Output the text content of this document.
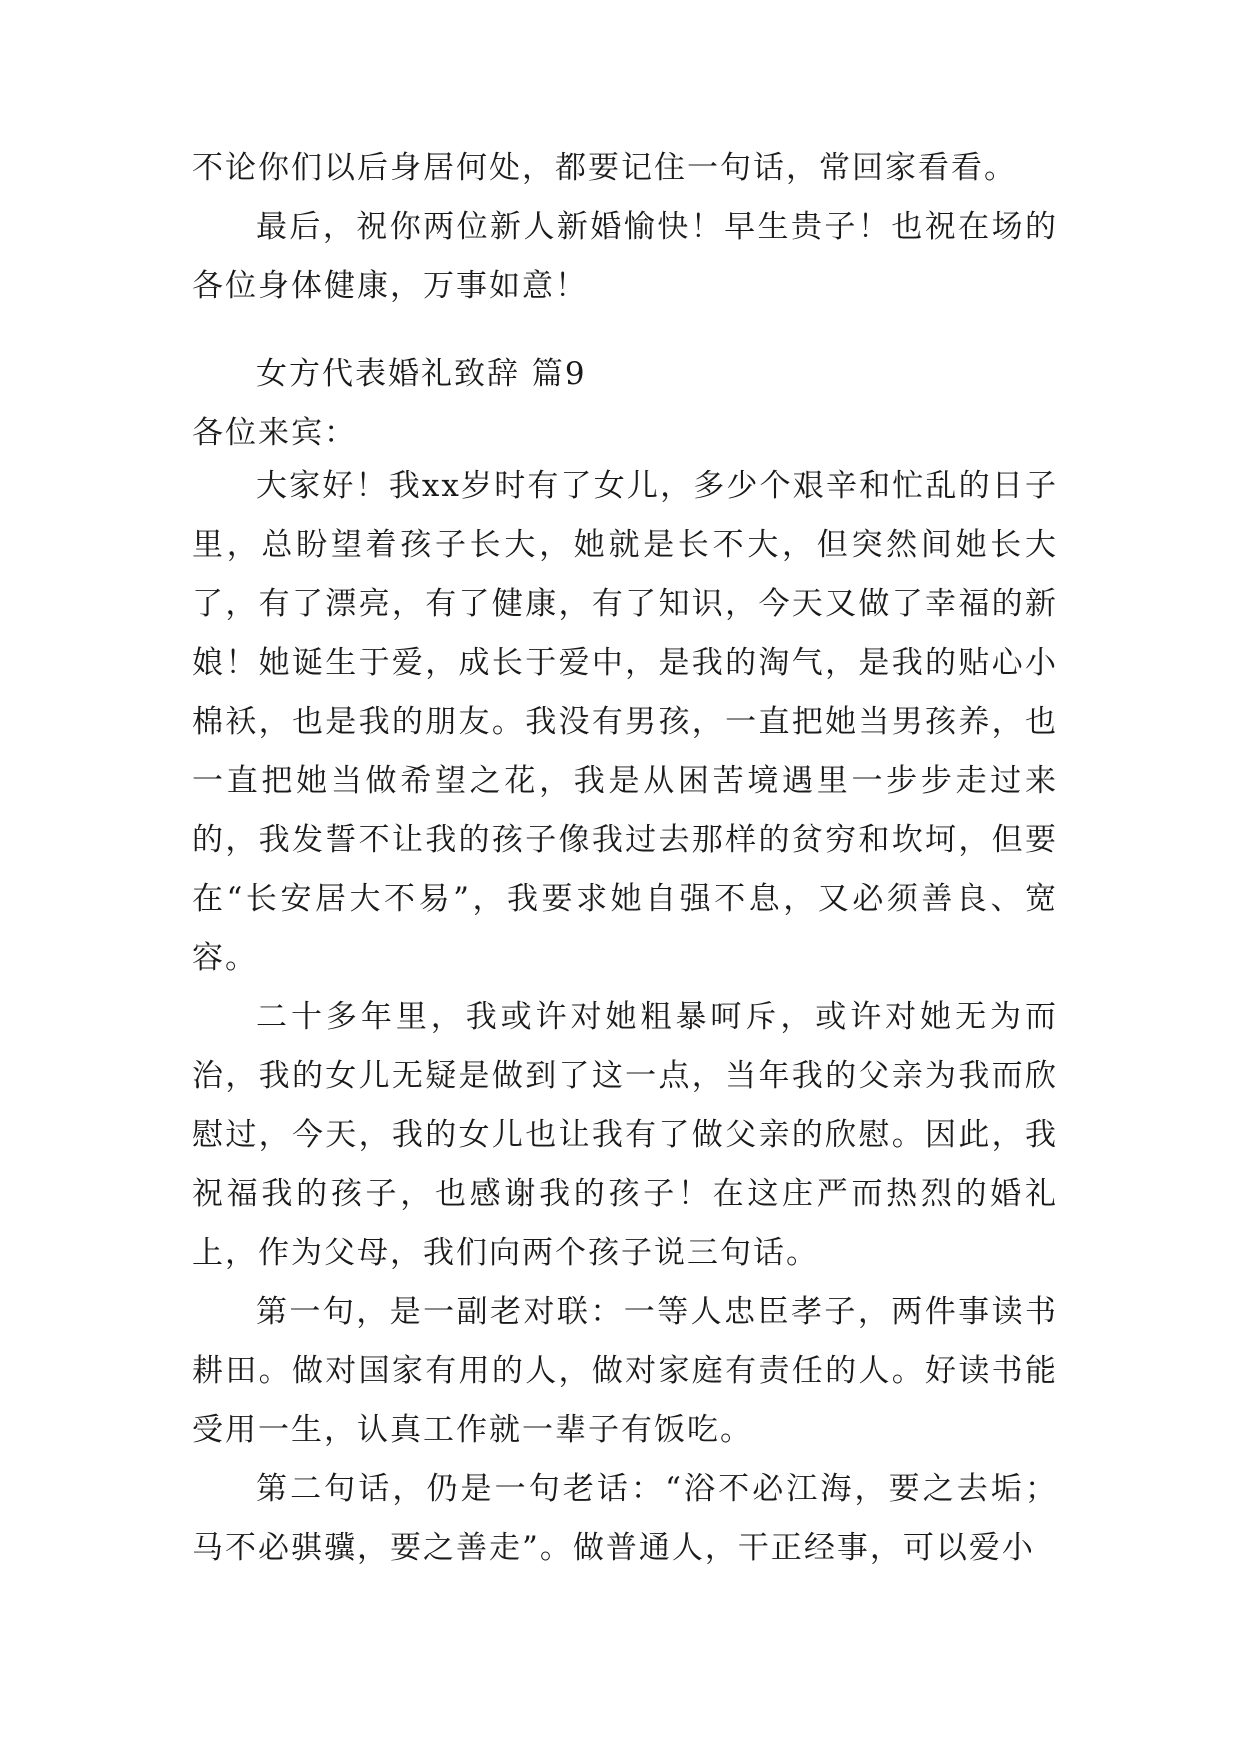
不论你们以后身居何处，都要记住一句话，常回家看看。

最后，祝你两位新人新婚愉快！早生贵子！也祝在场的各位身体健康，万事如意！

女方代表婚礼致辞 篇9

各位来宾：

大家好！我xx岁时有了女儿，多少个艰辛和忙乱的日子里，总盼望着孩子长大，她就是长不大，但突然间她长大了，有了漂亮，有了健康，有了知识，今天又做了幸福的新娘！她诞生于爱，成长于爱中，是我的淘气，是我的贴心小棉袄，也是我的朋友。我没有男孩，一直把她当男孩养，也一直把她当做希望之花，我是从困苦境遇里一步步走过来的，我发誓不让我的孩子像我过去那样的贫穷和坎坷，但要在“长安居大不易”，我要求她自强不息，又必须善良、宽容。

二十多年里，我或许对她粗暴呵斥，或许对她无为而治，我的女儿无疑是做到了这一点，当年我的父亲为我而欣慰过，今天，我的女儿也让我有了做父亲的欣慰。因此，我祝福我的孩子，也感谢我的孩子！在这庄严而热烈的婚礼上，作为父母，我们向两个孩子说三句话。

第一句，是一副老对联：一等人忠臣孝子，两件事读书耕田。做对国家有用的人，做对家庭有责任的人。好读书能受用一生，认真工作就一辈子有饭吃。

第二句话，仍是一句老话：“浴不必江海，要之去垢；马不必骐骥，要之善走”。做普通人，干正经事，可以爱小
